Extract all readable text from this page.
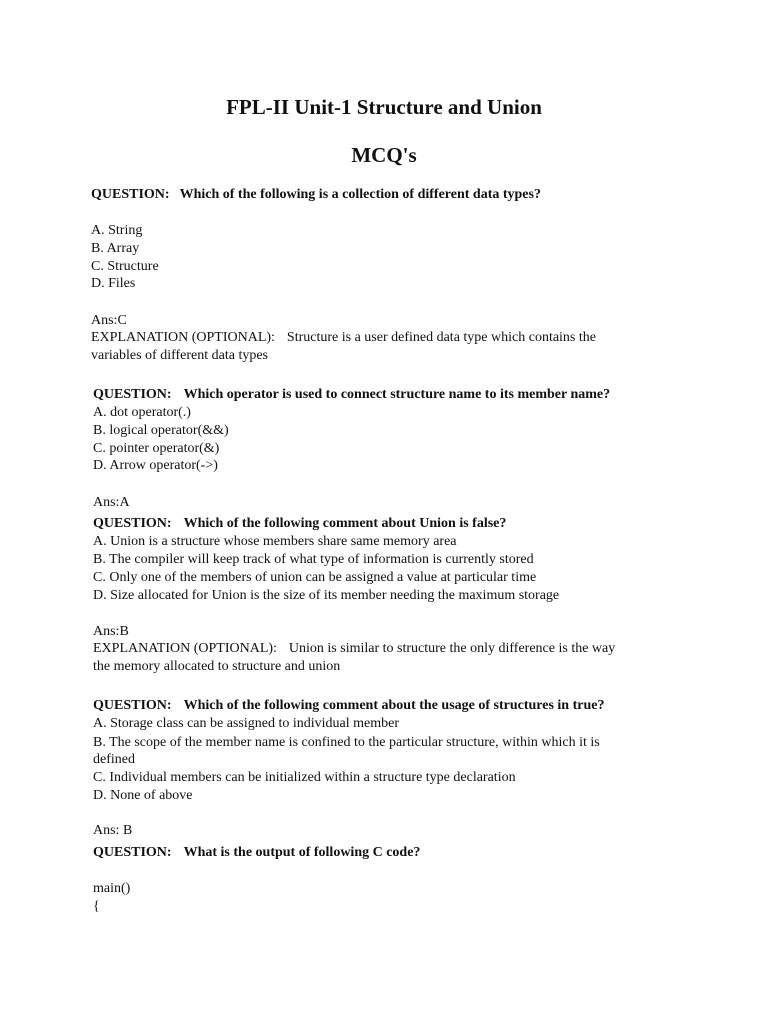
FPL-II Unit-1 Structure and Union
MCQ's
QUESTION: Which of the following is a collection of different data types?
A. String
B. Array
C. Structure
D. Files
Ans:C
EXPLANATION (OPTIONAL): Structure is a user defined data type which contains the
variables of different data types
QUESTION: Which operator is used to connect structure name to its member name?
A. dot operator(.)
B. logical operator(&&)
C. pointer operator(&)
D. Arrow operator(->)
Ans:A
QUESTION: Which of the following comment about Union is false?
A. Union is a structure whose members share same memory area
B. The compiler will keep track of what type of information is currently stored
C. Only one of the members of union can be assigned a value at particular time
D. Size allocated for Union is the size of its member needing the maximum storage
Ans:B
EXPLANATION (OPTIONAL): Union is similar to structure the only difference is the way
the memory allocated to structure and union
QUESTION: Which of the following comment about the usage of structures in true?
A. Storage class can be assigned to individual member
B. The scope of the member name is confined to the particular structure, within which it is
defined
C. Individual members can be initialized within a structure type declaration
D. None of above
Ans: B
QUESTION: What is the output of following C code?
main()
{
